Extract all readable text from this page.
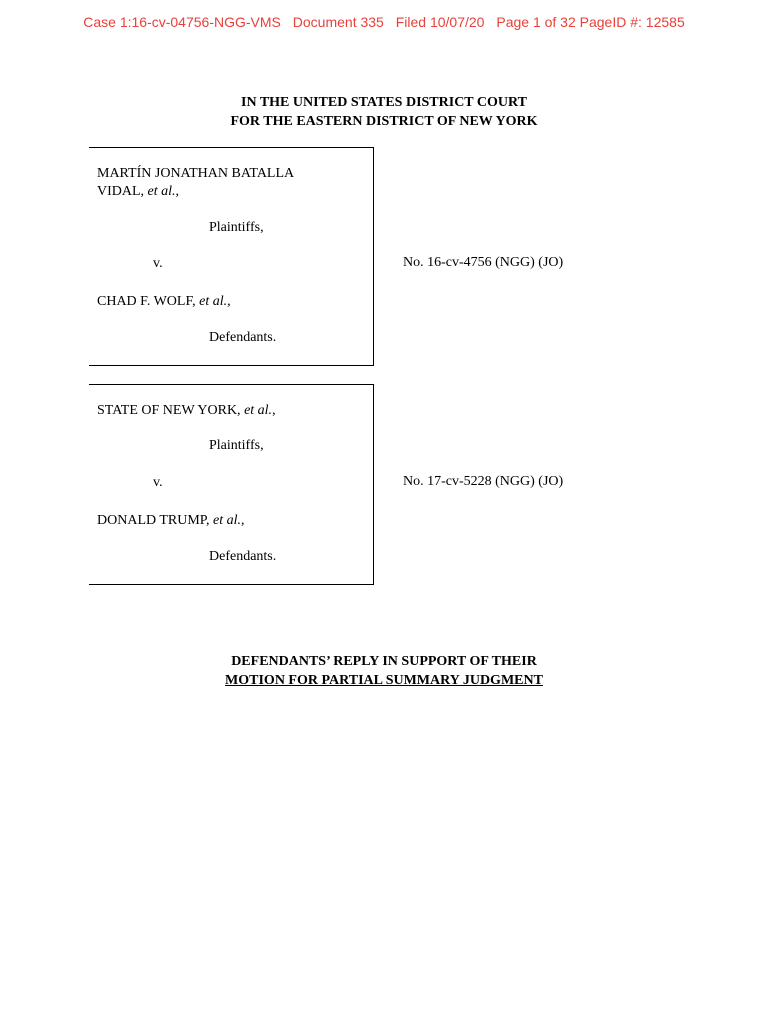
Case 1:16-cv-04756-NGG-VMS Document 335 Filed 10/07/20 Page 1 of 32 PageID #: 12585
IN THE UNITED STATES DISTRICT COURT
FOR THE EASTERN DISTRICT OF NEW YORK
MARTÍN JONATHAN BATALLA
VIDAL, et al.,
Plaintiffs,
v.
CHAD F. WOLF, et al.,
Defendants.
No. 16-cv-4756 (NGG) (JO)
STATE OF NEW YORK, et al.,
Plaintiffs,
v.
DONALD TRUMP, et al.,
Defendants.
No. 17-cv-5228 (NGG) (JO)
DEFENDANTS’ REPLY IN SUPPORT OF THEIR
MOTION FOR PARTIAL SUMMARY JUDGMENT
